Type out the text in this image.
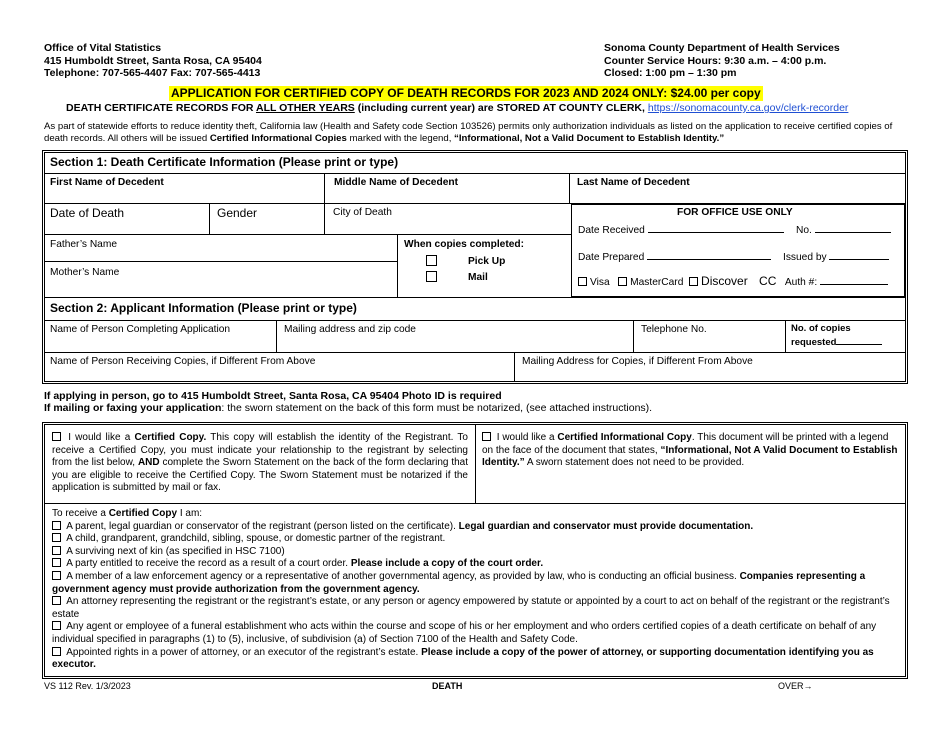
Office of Vital Statistics
415 Humboldt Street, Santa Rosa, CA 95404
Telephone: 707-565-4407 Fax: 707-565-4413
Sonoma County Department of Health Services
Counter Service Hours: 9:30 a.m. – 4:00 p.m.
Closed: 1:00 pm – 1:30 pm
APPLICATION FOR CERTIFIED COPY OF DEATH RECORDS FOR 2023 AND 2024 ONLY: $24.00 per copy
DEATH CERTIFICATE RECORDS FOR ALL OTHER YEARS (including current year) are STORED AT COUNTY CLERK, https://sonomacounty.ca.gov/clerk-recorder
As part of statewide efforts to reduce identity theft, California law (Health and Safety code Section 103526) permits only authorization individuals as listed on the application to receive certified copies of death records. All others will be issued Certified Informational Copies marked with the legend, “Informational, Not a Valid Document to Establish Identity.”
Section 1: Death Certificate Information (Please print or type)
First Name of Decedent	Middle Name of Decedent	Last Name of Decedent
Date of Death	Gender	City of Death	FOR OFFICE USE ONLY
Date Received	No.
Date Prepared	Issued by
Visa MasterCard Discover CC Auth #:
Father’s Name
Mother’s Name
When copies completed:
Pick Up
Mail
Section 2: Applicant Information (Please print or type)
Name of Person Completing Application	Mailing address and zip code	Telephone No.	No. of copies
requested
Name of Person Receiving Copies, if Different From Above	Mailing Address for Copies, if Different From Above
If applying in person, go to 415 Humboldt Street, Santa Rosa, CA 95404 Photo ID is required
If mailing or faxing your application: the sworn statement on the back of this form must be notarized, (see attached instructions).
I would like a Certified Copy. This copy will establish the identity of the Registrant. To receive a Certified Copy, you must indicate your relationship to the registrant by selecting from the list below, AND complete the Sworn Statement on the back of the form declaring that you are eligible to receive the Certified Copy. The Sworn Statement must be notarized if the application is submitted by mail or fax.
I would like a Certified Informational Copy. This document will be printed with a legend on the face of the document that states, “Informational, Not A Valid Document to Establish Identity.” A sworn statement does not need to be provided.
To receive a Certified Copy I am:
A parent, legal guardian or conservator of the registrant (person listed on the certificate). Legal guardian and conservator must provide documentation.
A child, grandparent, grandchild, sibling, spouse, or domestic partner of the registrant.
A surviving next of kin (as specified in HSC 7100)
A party entitled to receive the record as a result of a court order. Please include a copy of the court order.
A member of a law enforcement agency or a representative of another governmental agency, as provided by law, who is conducting an official business. Companies representing a government agency must provide authorization from the government agency.
An attorney representing the registrant or the registrant’s estate, or any person or agency empowered by statute or appointed by a court to act on behalf of the registrant or the registrant’s estate
Any agent or employee of a funeral establishment who acts within the course and scope of his or her employment and who orders certified copies of a death certificate on behalf of any individual specified in paragraphs (1) to (5), inclusive, of subdivision (a) of Section 7100 of the Health and Safety Code.
Appointed rights in a power of attorney, or an executor of the registrant’s estate. Please include a copy of the power of attorney, or supporting documentation identifying you as executor.
VS 112 Rev. 1/3/2023	DEATH	OVER→
